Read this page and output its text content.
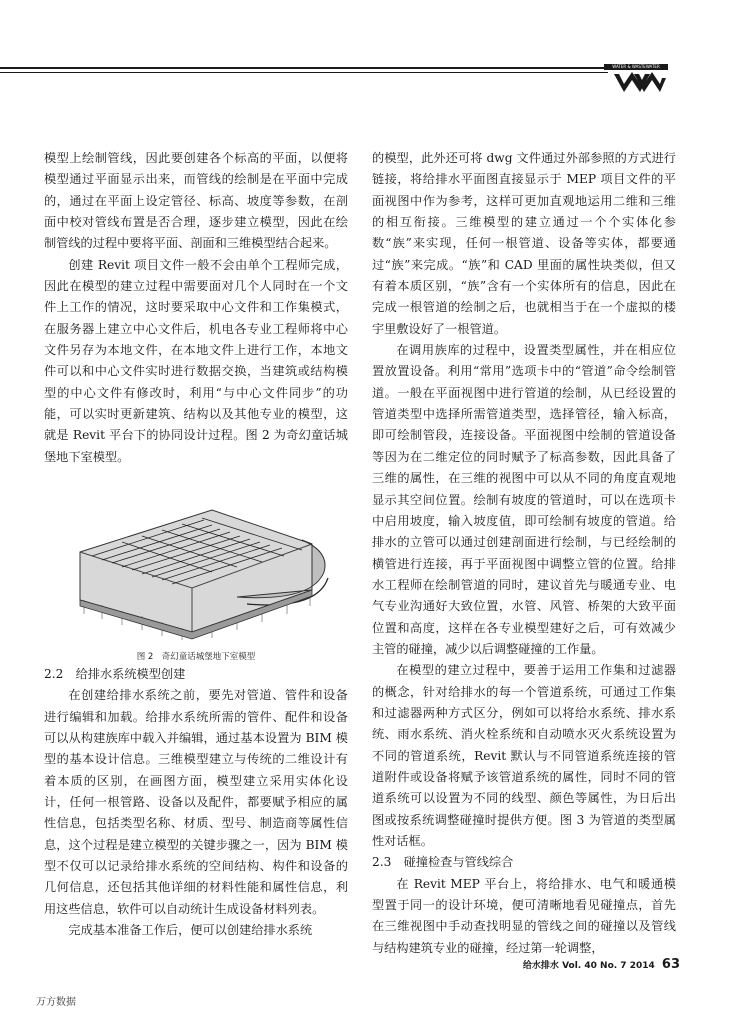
WATER & WASTEWATER ENGINEERING

模型上绘制管线，因此要创建各个标高的平面，以便将模型通过平面显示出来，而管线的绘制是在平面中完成的，通过在平面上设定管径、标高、坡度等参数，在剖面中校对管线布置是否合理，逐步建立模型，因此在绘制管线的过程中要将平面、剖面和三维模型结合起来。

创建 Revit 项目文件一般不会由单个工程师完成，因此在模型的建立过程中需要面对几个人同时在一个文件上工作的情况，这时要采取中心文件和工作集模式，在服务器上建立中心文件后，机电各专业工程师将中心文件另存为本地文件，在本地文件上进行工作，本地文件可以和中心文件实时进行数据交换，当建筑或结构模型的中心文件有修改时，利用“与中心文件同步”的功能，可以实时更新建筑、结构以及其他专业的模型，这就是 Revit 平台下的协同设计过程。图 2 为奇幻童话城堡地下室模型。

图 2　奇幻童话城堡地下室模型
2.2　给排水系统模型创建

在创建给排水系统之前，要先对管道、管件和设备进行编辑和加载。给排水系统所需的管件、配件和设备可以从构建族库中载入并编辑，通过基本设置为 BIM 模型的基本设计信息。三维模型建立与传统的二维设计有着本质的区别，在画图方面，模型建立采用实体化设计，任何一根管路、设备以及配件，都要赋予相应的属性信息，包括类型名称、材质、型号、制造商等属性信息，这个过程是建立模型的关键步骤之一，因为 BIM 模型不仅可以记录给排水系统的空间结构、构件和设备的几何信息，还包括其他详细的材料性能和属性信息，利用这些信息，软件可以自动统计生成设备材料列表。

完成基本准备工作后，便可以创建给排水系统

的模型，此外还可将 dwg 文件通过外部参照的方式进行链接，将给排水平面图直接显示于 MEP 项目文件的平面视图中作为参考，这样可更加直观地运用二维和三维的相互衔接。三维模型的建立通过一个个实体化参数“族”来实现，任何一根管道、设备等实体，都要通过“族”来完成。“族”和 CAD 里面的属性块类似，但又有着本质区别，“族”含有一个实体所有的信息，因此在完成一根管道的绘制之后，也就相当于在一个虚拟的楼宇里敷设好了一根管道。

在调用族库的过程中，设置类型属性，并在相应位置放置设备。利用“常用”选项卡中的“管道”命令绘制管道。一般在平面视图中进行管道的绘制，从已经设置的管道类型中选择所需管道类型，选择管径，输入标高，即可绘制管段，连接设备。平面视图中绘制的管道设备等因为在二维定位的同时赋予了标高参数，因此具备了三维的属性，在三维的视图中可以从不同的角度直观地显示其空间位置。绘制有坡度的管道时，可以在选项卡中启用坡度，输入坡度值，即可绘制有坡度的管道。给排水的立管可以通过创建剖面进行绘制，与已经绘制的横管进行连接，再于平面视图中调整立管的位置。给排水工程师在绘制管道的同时，建议首先与暖通专业、电气专业沟通好大致位置，水管、风管、桥架的大致平面位置和高度，这样在各专业模型建好之后，可有效减少主管的碰撞，减少以后调整碰撞的工作量。

在模型的建立过程中，要善于运用工作集和过滤器的概念，针对给排水的每一个管道系统，可通过工作集和过滤器两种方式区分，例如可以将给水系统、排水系统、雨水系统、消火栓系统和自动喷水灭火系统设置为不同的管道系统，Revit 默认与不同管道系统连接的管道附件或设备将赋予该管道系统的属性，同时不同的管道系统可以设置为不同的线型、颜色等属性，为日后出图或按系统调整碰撞时提供方便。图 3 为管道的类型属性对话框。

2.3　碰撞检查与管线综合

在 Revit MEP 平台上，将给排水、电气和暖通模型置于同一的设计环境，便可清晰地看见碰撞点，首先在三维视图中手动查找明显的管线之间的碰撞以及管线与结构建筑专业的碰撞，经过第一轮调整，

给水排水 Vol. 40 No. 7 2014 63
万方数据
